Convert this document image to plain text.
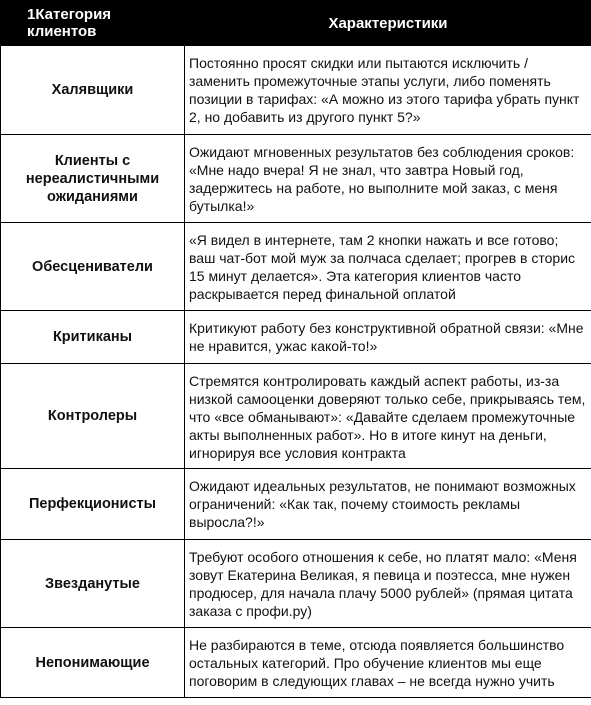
1Категория клиентов	Характеристики
Халявщики	Постоянно просят скидки или пытаются исключить / заменить промежуточные этапы услуги, либо поменять позиции в тарифах: «А можно из этого тарифа убрать пункт 2, но добавить из другого пункт 5?»

Клиенты с нереалистичными ожиданиями	Ожидают мгновенных результатов без соблюдения сроков: «Мне надо вчера! Я не знал, что завтра Новый год, задержитесь на работе, но выполните мой заказ, с меня бутылка!»

Обесцениватели	«Я видел в интернете, там 2 кнопки нажать и все готово; ваш чат-бот мой муж за полчаса сделает; прогрев в сторис 15 минут делается». Эта категория клиентов часто раскрывается перед финальной оплатой

Критиканы	Критикуют работу без конструктивной обратной связи: «Мне не нравится, ужас какой-то!»

Контролеры	Стремятся контролировать каждый аспект работы, из-за низкой самооценки доверяют только себе, прикрываясь тем, что «все обманывают»: «Давайте сделаем промежуточные акты выполненных работ». Но в итоге кинут на деньги, игнорируя все условия контракта

Перфекционисты	Ожидают идеальных результатов, не понимают возможных ограничений: «Как так, почему стоимость рекламы выросла?!»

Звезданутые	Требуют особого отношения к себе, но платят мало: «Меня зовут Екатерина Великая, я певица и поэтесса, мне нужен продюсер, для начала плачу 5000 рублей» (прямая цитата заказа с профи.ру)

Непонимающие	Не разбираются в теме, отсюда появляется большинство остальных категорий. Про обучение клиентов мы еще поговорим в следующих главах – не всегда нужно учить
